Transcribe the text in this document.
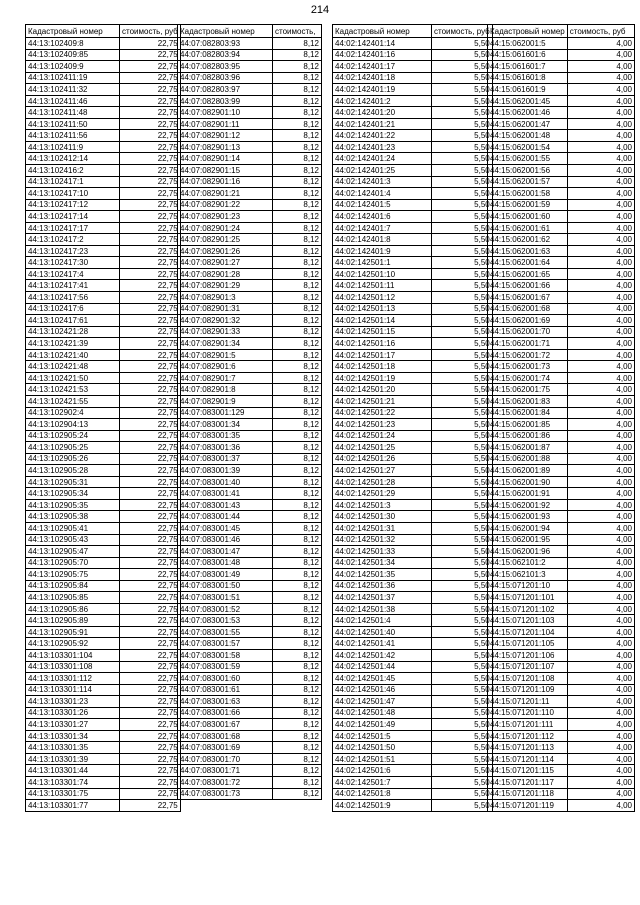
214
Кадастровый номер	стоимость, руб
44:13:102409:8	22,75
44:13:102409:85	22,75
44:13:102409:9	22,75
44:13:102411:19	22,75
44:13:102411:32	22,75
44:13:102411:46	22,75
44:13:102411:48	22,75
44:13:102411:50	22,75
44:13:102411:56	22,75
44:13:102411:9	22,75
44:13:102412:14	22,75
44:13:102416:2	22,75
44:13:102417:1	22,75
44:13:102417:10	22,75
44:13:102417:12	22,75
44:13:102417:14	22,75
44:13:102417:17	22,75
44:13:102417:2	22,75
44:13:102417:23	22,75
44:13:102417:30	22,75
44:13:102417:4	22,75
44:13:102417:41	22,75
44:13:102417:56	22,75
44:13:102417:6	22,75
44:13:102417:61	22,75
44:13:102421:28	22,75
44:13:102421:39	22,75
44:13:102421:40	22,75
44:13:102421:48	22,75
44:13:102421:50	22,75
44:13:102421:53	22,75
44:13:102421:55	22,75
44:13:102902:4	22,75
44:13:102904:13	22,75
44:13:102905:24	22,75
44:13:102905:25	22,75
44:13:102905:26	22,75
44:13:102905:28	22,75
44:13:102905:31	22,75
44:13:102905:34	22,75
44:13:102905:35	22,75
44:13:102905:38	22,75
44:13:102905:41	22,75
44:13:102905:43	22,75
44:13:102905:47	22,75
44:13:102905:70	22,75
44:13:102905:75	22,75
44:13:102905:84	22,75
44:13:102905:85	22,75
44:13:102905:86	22,75
44:13:102905:89	22,75
44:13:102905:91	22,75
44:13:102905:92	22,75
44:13:103301:104	22,75
44:13:103301:108	22,75
44:13:103301:112	22,75
44:13:103301:114	22,75
44:13:103301:23	22,75
44:13:103301:26	22,75
44:13:103301:27	22,75
44:13:103301:34	22,75
44:13:103301:35	22,75
44:13:103301:39	22,75
44:13:103301:44	22,75
44:13:103301:74	22,75
44:13:103301:75	22,75
44:13:103301:77	22,75
Кадастровый номер	стоимость,
44:07:082803:93	8,12
44:07:082803:94	8,12
44:07:082803:95	8,12
44:07:082803:96	8,12
44:07:082803:97	8,12
44:07:082803:99	8,12
44:07:082901:10	8,12
44:07:082901:11	8,12
44:07:082901:12	8,12
44:07:082901:13	8,12
44:07:082901:14	8,12
44:07:082901:15	8,12
44:07:082901:16	8,12
44:07:082901:21	8,12
44:07:082901:22	8,12
44:07:082901:23	8,12
44:07:082901:24	8,12
44:07:082901:25	8,12
44:07:082901:26	8,12
44:07:082901:27	8,12
44:07:082901:28	8,12
44:07:082901:29	8,12
44:07:082901:3	8,12
44:07:082901:31	8,12
44:07:082901:32	8,12
44:07:082901:33	8,12
44:07:082901:34	8,12
44:07:082901:5	8,12
44:07:082901:6	8,12
44:07:082901:7	8,12
44:07:082901:8	8,12
44:07:082901:9	8,12
44:07:083001:129	8,12
44:07:083001:34	8,12
44:07:083001:35	8,12
44:07:083001:36	8,12
44:07:083001:37	8,12
44:07:083001:39	8,12
44:07:083001:40	8,12
44:07:083001:41	8,12
44:07:083001:43	8,12
44:07:083001:44	8,12
44:07:083001:45	8,12
44:07:083001:46	8,12
44:07:083001:47	8,12
44:07:083001:48	8,12
44:07:083001:49	8,12
44:07:083001:50	8,12
44:07:083001:51	8,12
44:07:083001:52	8,12
44:07:083001:53	8,12
44:07:083001:55	8,12
44:07:083001:57	8,12
44:07:083001:58	8,12
44:07:083001:59	8,12
44:07:083001:60	8,12
44:07:083001:61	8,12
44:07:083001:63	8,12
44:07:083001:66	8,12
44:07:083001:67	8,12
44:07:083001:68	8,12
44:07:083001:69	8,12
44:07:083001:70	8,12
44:07:083001:71	8,12
44:07:083001:72	8,12
44:07:083001:73	8,12
Кадастровый номер	стоимость, руб
44:02:142401:14	5,50
44:02:142401:16	5,50
44:02:142401:17	5,50
44:02:142401:18	5,50
44:02:142401:19	5,50
44:02:142401:2	5,50
44:02:142401:20	5,50
44:02:142401:21	5,50
44:02:142401:22	5,50
44:02:142401:23	5,50
44:02:142401:24	5,50
44:02:142401:25	5,50
44:02:142401:3	5,50
44:02:142401:4	5,50
44:02:142401:5	5,50
44:02:142401:6	5,50
44:02:142401:7	5,50
44:02:142401:8	5,50
44:02:142401:9	5,50
44:02:142501:1	5,50
44:02:142501:10	5,50
44:02:142501:11	5,50
44:02:142501:12	5,50
44:02:142501:13	5,50
44:02:142501:14	5,50
44:02:142501:15	5,50
44:02:142501:16	5,50
44:02:142501:17	5,50
44:02:142501:18	5,50
44:02:142501:19	5,50
44:02:142501:20	5,50
44:02:142501:21	5,50
44:02:142501:22	5,50
44:02:142501:23	5,50
44:02:142501:24	5,50
44:02:142501:25	5,50
44:02:142501:26	5,50
44:02:142501:27	5,50
44:02:142501:28	5,50
44:02:142501:29	5,50
44:02:142501:3	5,50
44:02:142501:30	5,50
44:02:142501:31	5,50
44:02:142501:32	5,50
44:02:142501:33	5,50
44:02:142501:34	5,50
44:02:142501:35	5,50
44:02:142501:36	5,50
44:02:142501:37	5,50
44:02:142501:38	5,50
44:02:142501:4	5,50
44:02:142501:40	5,50
44:02:142501:41	5,50
44:02:142501:42	5,50
44:02:142501:44	5,50
44:02:142501:45	5,50
44:02:142501:46	5,50
44:02:142501:47	5,50
44:02:142501:48	5,50
44:02:142501:49	5,50
44:02:142501:5	5,50
44:02:142501:50	5,50
44:02:142501:51	5,50
44:02:142501:6	5,50
44:02:142501:7	5,50
44:02:142501:8	5,50
44:02:142501:9	5,50
Кадастровый номер	стоимость, руб
44:15:062001:5	4,00
44:15:061601:6	4,00
44:15:061601:7	4,00
44:15:061601:8	4,00
44:15:061601:9	4,00
44:15:062001:45	4,00
44:15:062001:46	4,00
44:15:062001:47	4,00
44:15:062001:48	4,00
44:15:062001:54	4,00
44:15:062001:55	4,00
44:15:062001:56	4,00
44:15:062001:57	4,00
44:15:062001:58	4,00
44:15:062001:59	4,00
44:15:062001:60	4,00
44:15:062001:61	4,00
44:15:062001:62	4,00
44:15:062001:63	4,00
44:15:062001:64	4,00
44:15:062001:65	4,00
44:15:062001:66	4,00
44:15:062001:67	4,00
44:15:062001:68	4,00
44:15:062001:69	4,00
44:15:062001:70	4,00
44:15:062001:71	4,00
44:15:062001:72	4,00
44:15:062001:73	4,00
44:15:062001:74	4,00
44:15:062001:75	4,00
44:15:062001:83	4,00
44:15:062001:84	4,00
44:15:062001:85	4,00
44:15:062001:86	4,00
44:15:062001:87	4,00
44:15:062001:88	4,00
44:15:062001:89	4,00
44:15:062001:90	4,00
44:15:062001:91	4,00
44:15:062001:92	4,00
44:15:062001:93	4,00
44:15:062001:94	4,00
44:15:062001:95	4,00
44:15:062001:96	4,00
44:15:062101:2	4,00
44:15:062101:3	4,00
44:15:071201:10	4,00
44:15:071201:101	4,00
44:15:071201:102	4,00
44:15:071201:103	4,00
44:15:071201:104	4,00
44:15:071201:105	4,00
44:15:071201:106	4,00
44:15:071201:107	4,00
44:15:071201:108	4,00
44:15:071201:109	4,00
44:15:071201:11	4,00
44:15:071201:110	4,00
44:15:071201:111	4,00
44:15:071201:112	4,00
44:15:071201:113	4,00
44:15:071201:114	4,00
44:15:071201:115	4,00
44:15:071201:117	4,00
44:15:071201:118	4,00
44:15:071201:119	4,00
